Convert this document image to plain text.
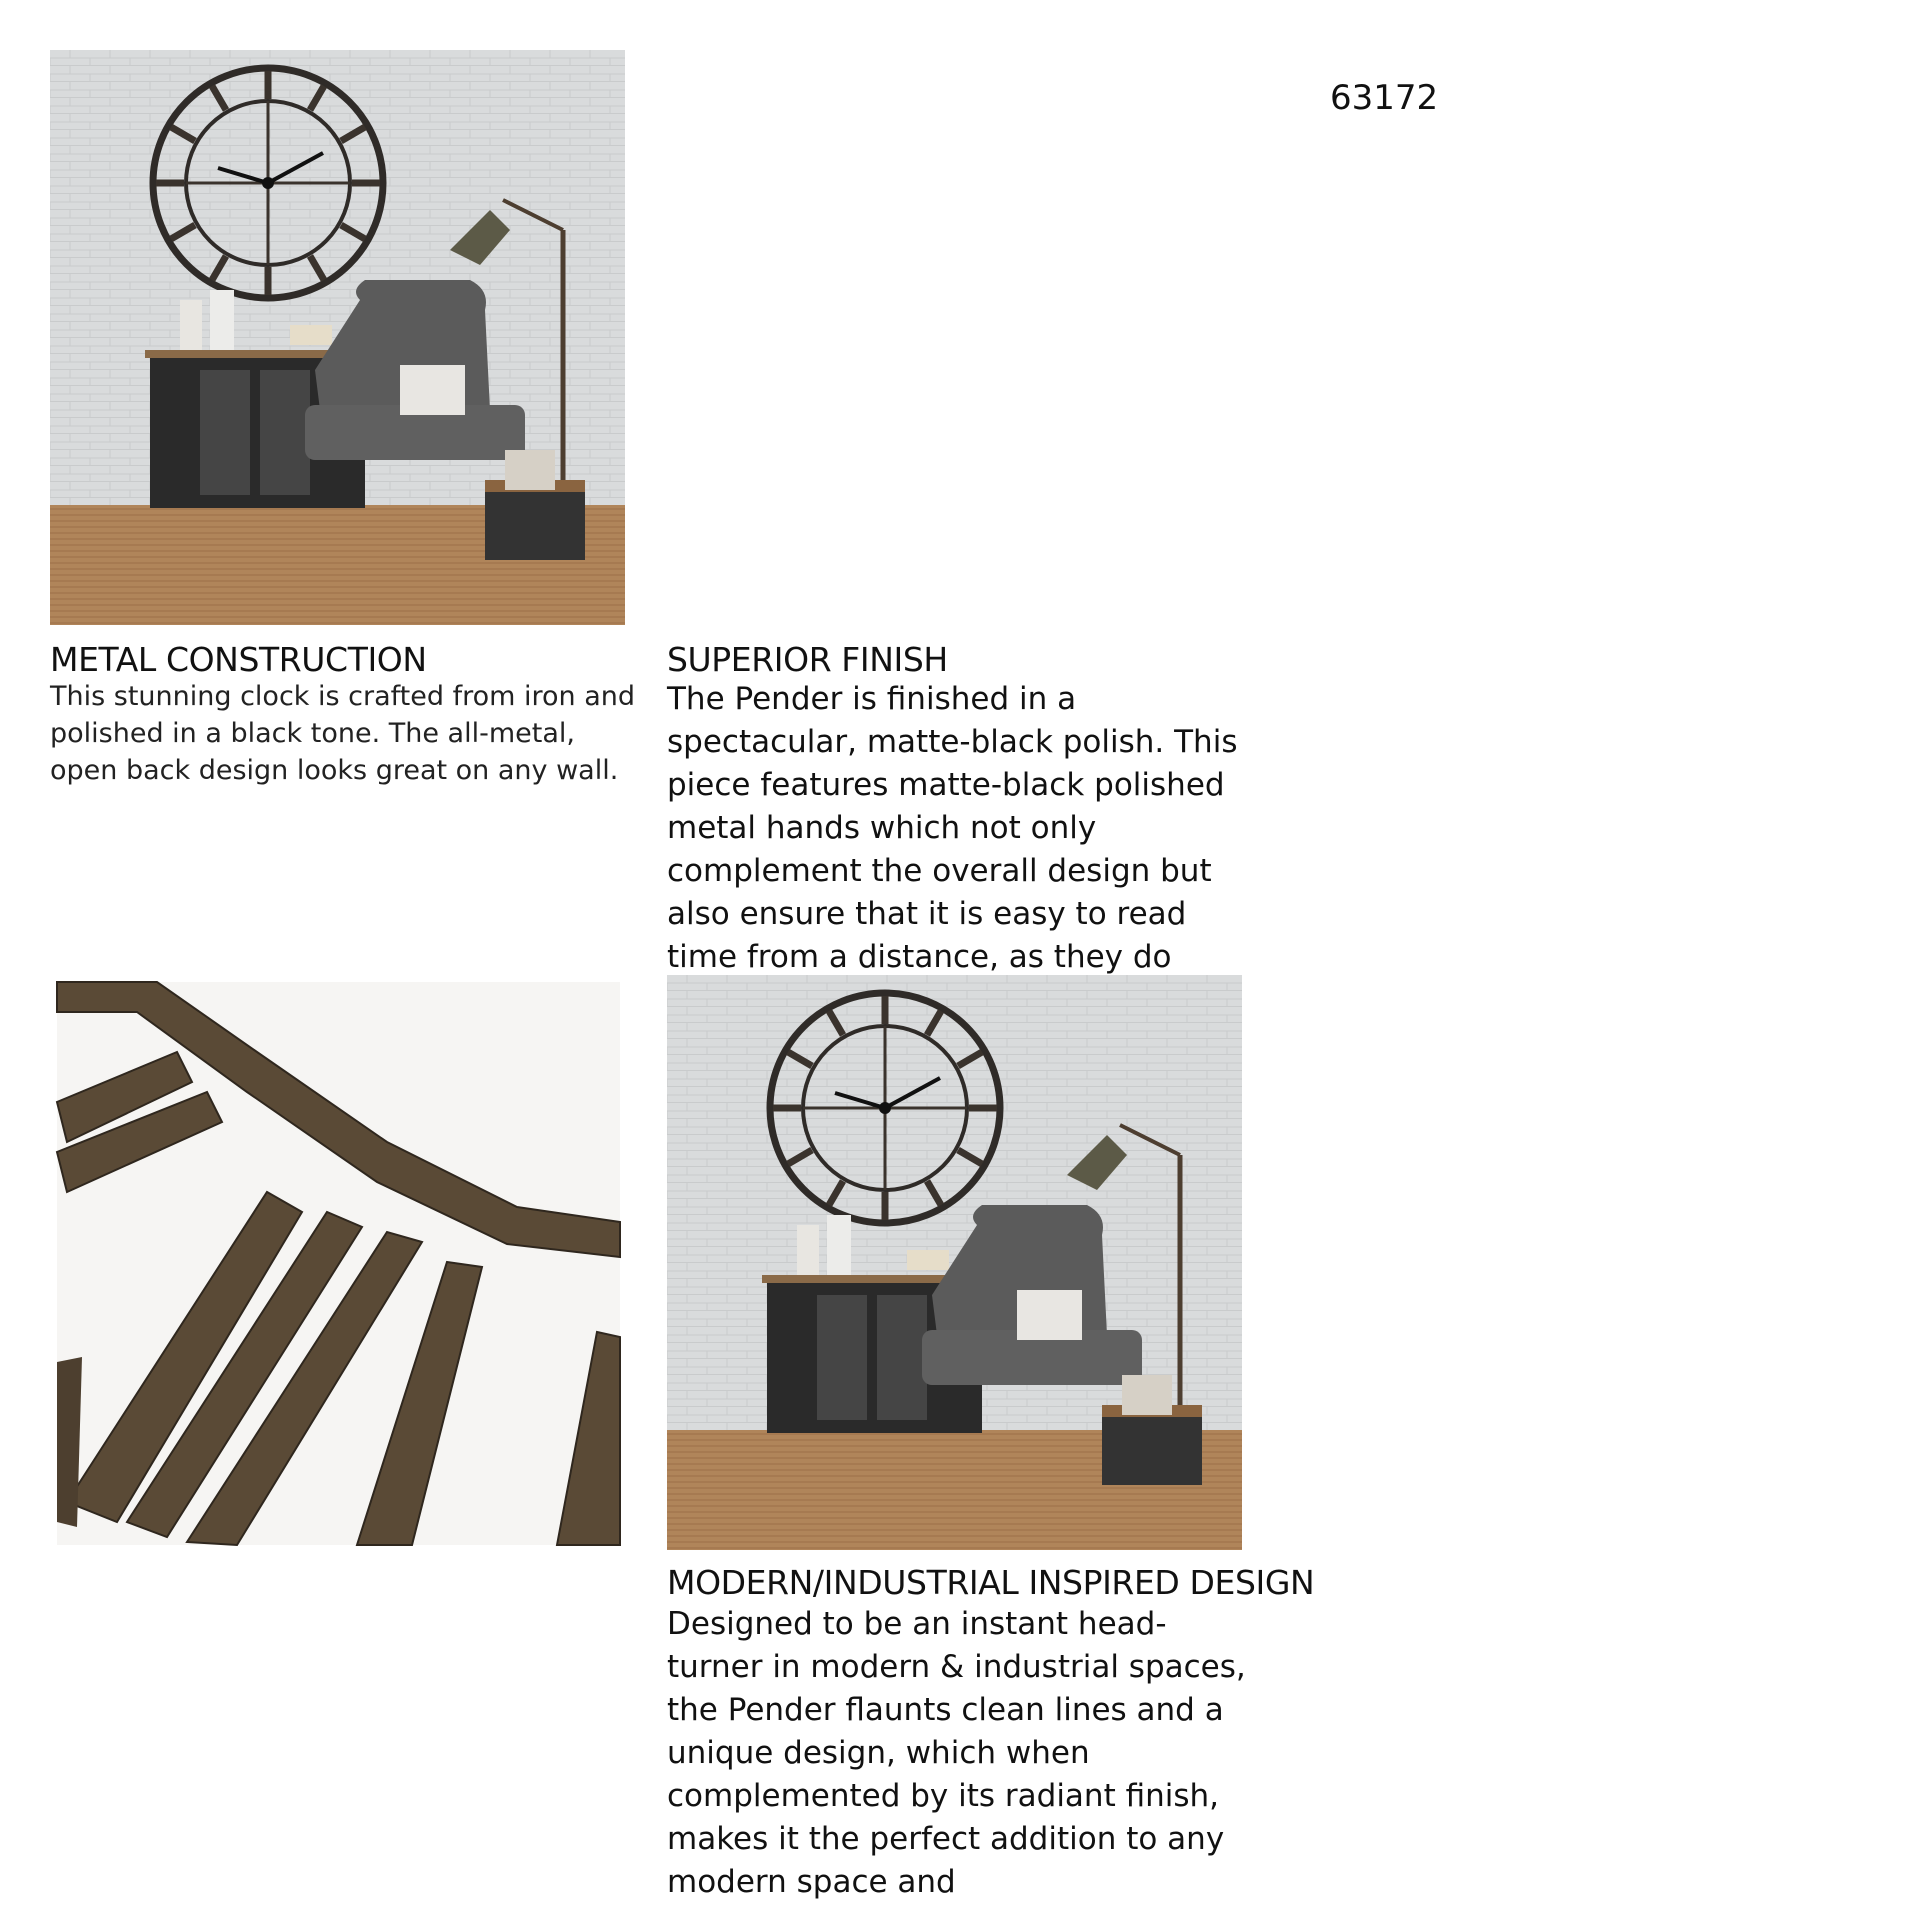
63172
METAL CONSTRUCTION
This stunning clock is crafted from iron and polished in a black tone. The all-metal, open back design looks great on any wall.
SUPERIOR FINISH
The Pender is finished in a spectacular, matte-black polish. This piece features matte-black polished metal hands which not only complement the overall design but also ensure that it is easy to read time from a distance, as they do
MODERN/INDUSTRIAL INSPIRED DESIGN
Designed to be an instant head-turner in modern & industrial spaces, the Pender flaunts clean lines and a unique design, which when complemented by its radiant finish, makes it the perfect addition to any modern space and
